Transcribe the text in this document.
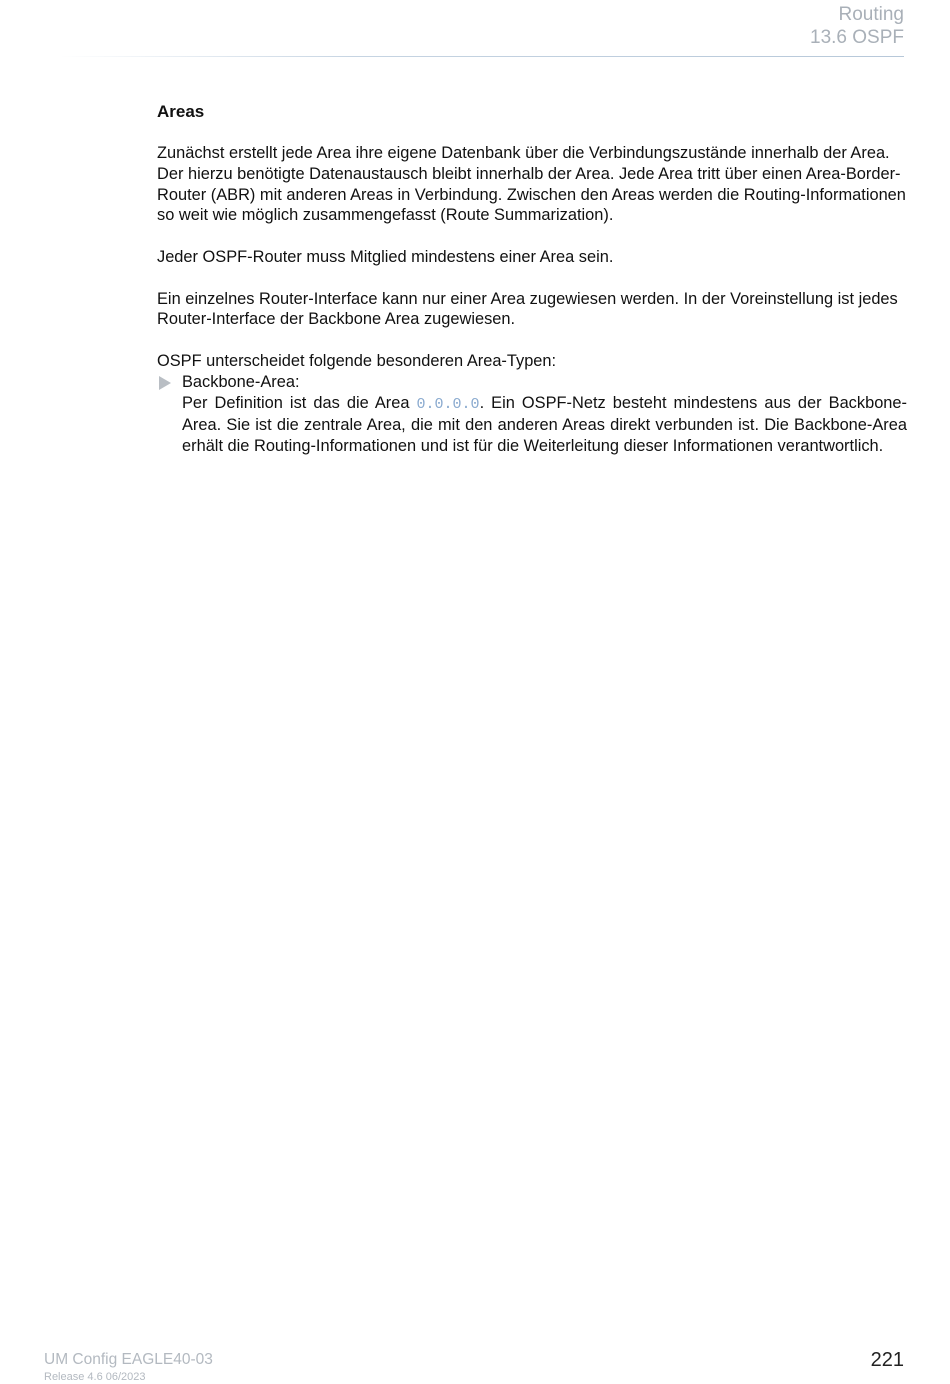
Routing
13.6 OSPF
Areas

Zunächst erstellt jede Area ihre eigene Datenbank über die Verbindungszustände innerhalb der Area. Der hierzu benötigte Datenaustausch bleibt innerhalb der Area. Jede Area tritt über einen Area-Border-Router (ABR) mit anderen Areas in Verbindung. Zwischen den Areas werden die Routing-Informationen so weit wie möglich zusammengefasst (Route Summarization).

Jeder OSPF-Router muss Mitglied mindestens einer Area sein.

Ein einzelnes Router-Interface kann nur einer Area zugewiesen werden. In der Voreinstellung ist jedes Router-Interface der Backbone Area zugewiesen.

OSPF unterscheidet folgende besonderen Area-Typen:

Backbone-Area:
Per Definition ist das die Area 0.0.0.0. Ein OSPF-Netz besteht mindestens aus der Backbone-Area. Sie ist die zentrale Area, die mit den anderen Areas direkt verbunden ist. Die Backbone-Area erhält die Routing-Informationen und ist für die Weiterleitung dieser Informationen verantwortlich.
UM Config EAGLE40-03
Release 4.6 06/2023
221
